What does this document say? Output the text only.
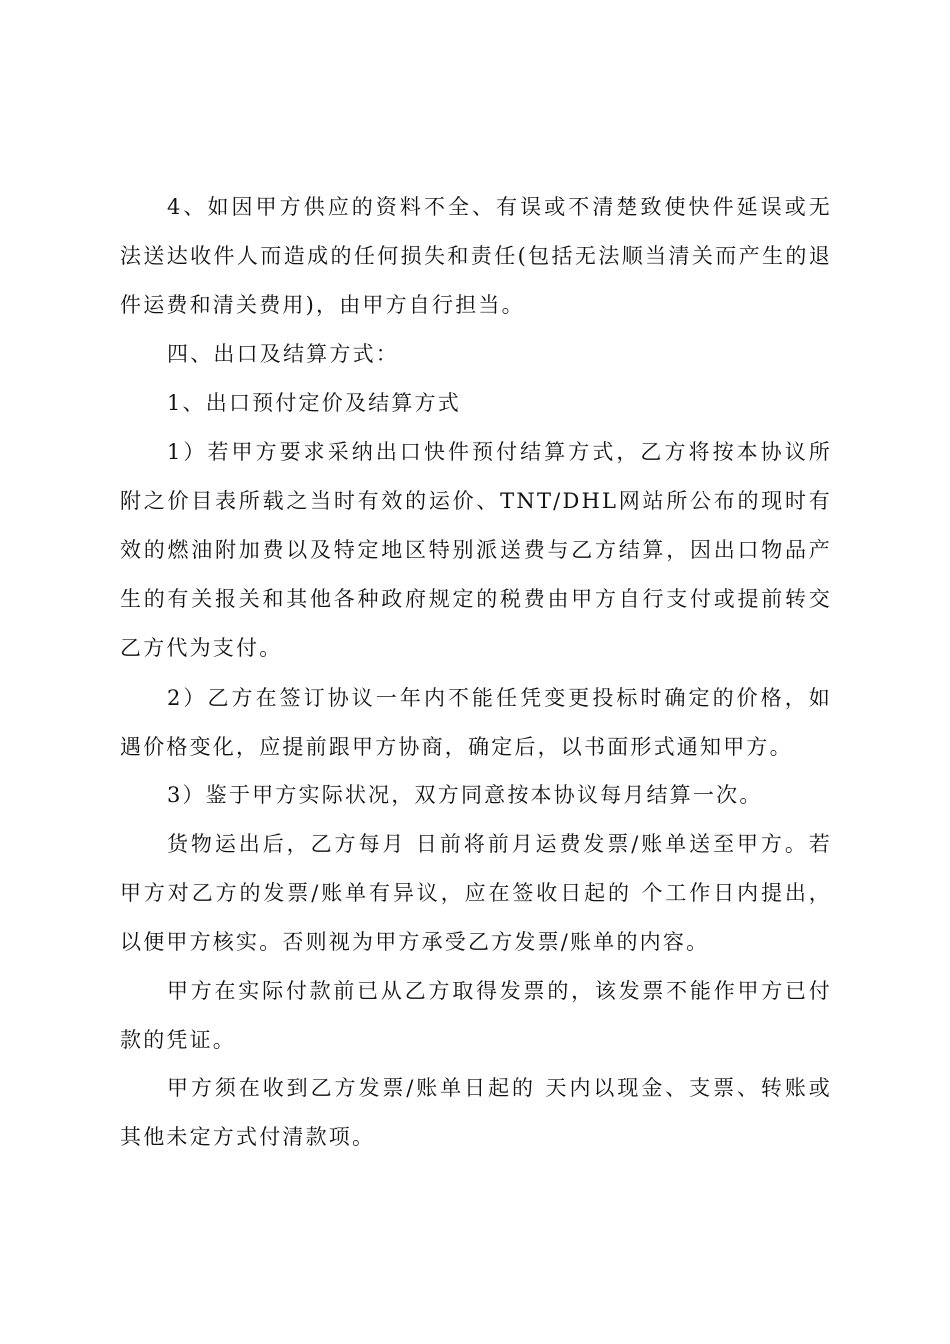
4、如因甲方供应的资料不全、有误或不清楚致使快件延误或无法送达收件人而造成的任何损失和责任(包括无法顺当清关而产生的退件运费和清关费用)，由甲方自行担当。

四、出口及结算方式：

1、出口预付定价及结算方式

1）若甲方要求采纳出口快件预付结算方式，乙方将按本协议所附之价目表所载之当时有效的运价、TNT/DHL网站所公布的现时有效的燃油附加费以及特定地区特别派送费与乙方结算，因出口物品产生的有关报关和其他各种政府规定的税费由甲方自行支付或提前转交乙方代为支付。

2）乙方在签订协议一年内不能任凭变更投标时确定的价格，如遇价格变化，应提前跟甲方协商，确定后，以书面形式通知甲方。

3）鉴于甲方实际状况，双方同意按本协议每月结算一次。

货物运出后，乙方每月 日前将前月运费发票/账单送至甲方。若甲方对乙方的发票/账单有异议，应在签收日起的 个工作日内提出，以便甲方核实。否则视为甲方承受乙方发票/账单的内容。

甲方在实际付款前已从乙方取得发票的，该发票不能作甲方已付款的凭证。

甲方须在收到乙方发票/账单日起的 天内以现金、支票、转账或其他未定方式付清款项。
